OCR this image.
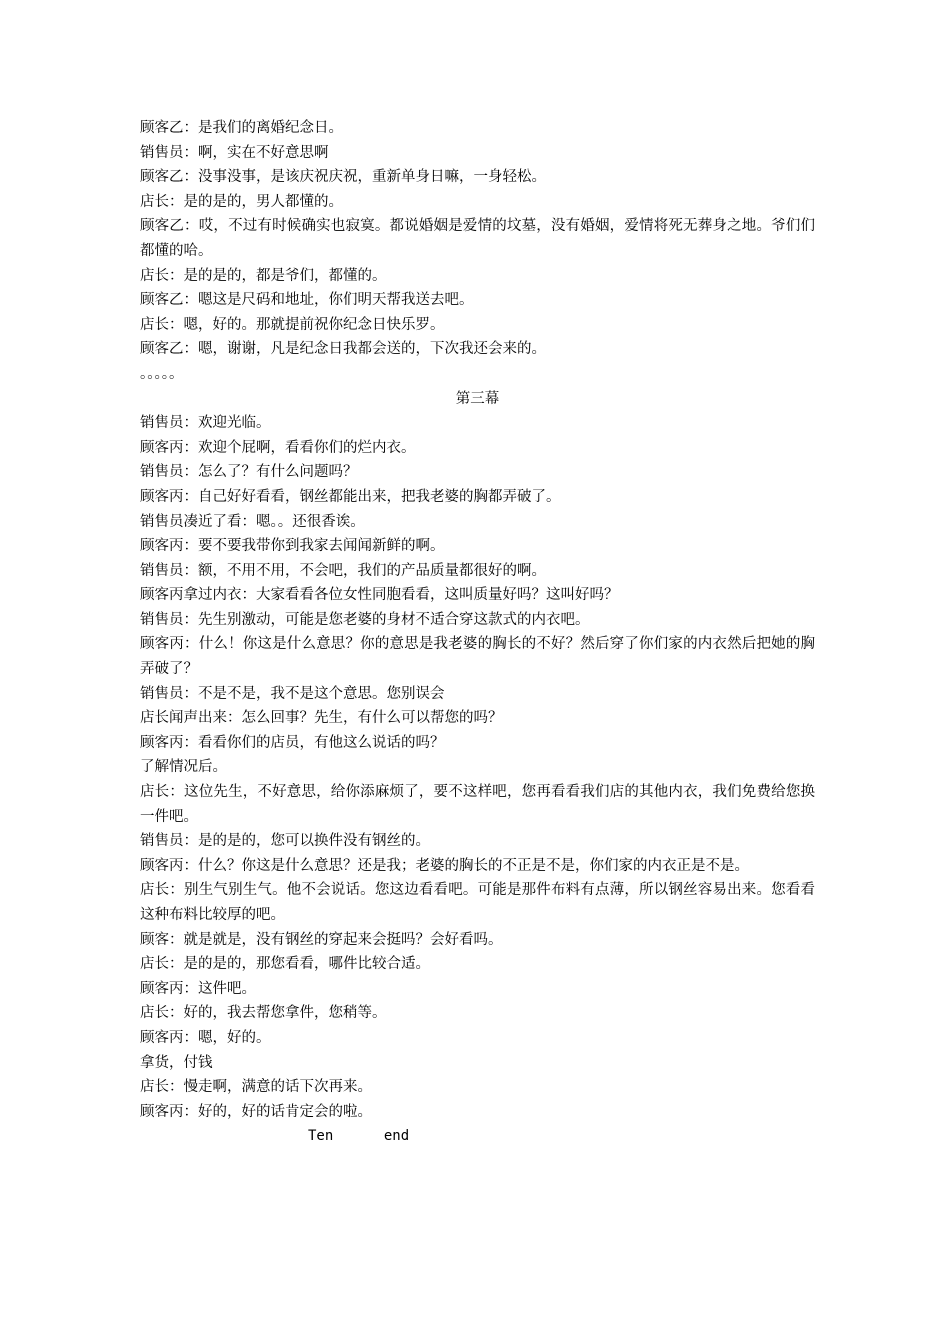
顾客乙：是我们的离婚纪念日。
销售员：啊，实在不好意思啊
顾客乙：没事没事，是该庆祝庆祝，重新单身日嘛，一身轻松。
店长：是的是的，男人都懂的。
顾客乙：哎，不过有时候确实也寂寞。都说婚姻是爱情的坟墓，没有婚姻，爱情将死无葬身之地。爷们们都懂的哈。
店长：是的是的，都是爷们，都懂的。
顾客乙：嗯这是尺码和地址，你们明天帮我送去吧。
店长：嗯，好的。那就提前祝你纪念日快乐罗。
顾客乙：嗯，谢谢，凡是纪念日我都会送的，下次我还会来的。
。。。。。
第三幕
销售员：欢迎光临。
顾客丙：欢迎个屁啊，看看你们的烂内衣。
销售员：怎么了？有什么问题吗？
顾客丙：自己好好看看，钢丝都能出来，把我老婆的胸都弄破了。
销售员凑近了看：嗯。。还很香诶。
顾客丙：要不要我带你到我家去闻闻新鲜的啊。
销售员：额，不用不用，不会吧，我们的产品质量都很好的啊。
顾客丙拿过内衣：大家看看各位女性同胞看看，这叫质量好吗？这叫好吗？
销售员：先生别激动，可能是您老婆的身材不适合穿这款式的内衣吧。
顾客丙：什么！你这是什么意思？你的意思是我老婆的胸长的不好？然后穿了你们家的内衣然后把她的胸弄破了？
销售员：不是不是，我不是这个意思。您别误会
店长闻声出来：怎么回事？先生，有什么可以帮您的吗？
顾客丙：看看你们的店员，有他这么说话的吗？
了解情况后。
店长：这位先生，不好意思，给你添麻烦了，要不这样吧，您再看看我们店的其他内衣，我们免费给您换一件吧。
销售员：是的是的，您可以换件没有钢丝的。
顾客丙：什么？你这是什么意思？还是我；老婆的胸长的不正是不是，你们家的内衣正是不是。
店长：别生气别生气。他不会说话。您这边看看吧。可能是那件布料有点薄，所以钢丝容易出来。您看看这种布料比较厚的吧。
顾客：就是就是，没有钢丝的穿起来会挺吗？会好看吗。
店长：是的是的，那您看看，哪件比较合适。
顾客丙：这件吧。
店长：好的，我去帮您拿件，您稍等。
顾客丙：嗯，好的。
拿货，付钱
店长：慢走啊，满意的话下次再来。
顾客丙：好的，好的话肯定会的啦。
Ten	end
